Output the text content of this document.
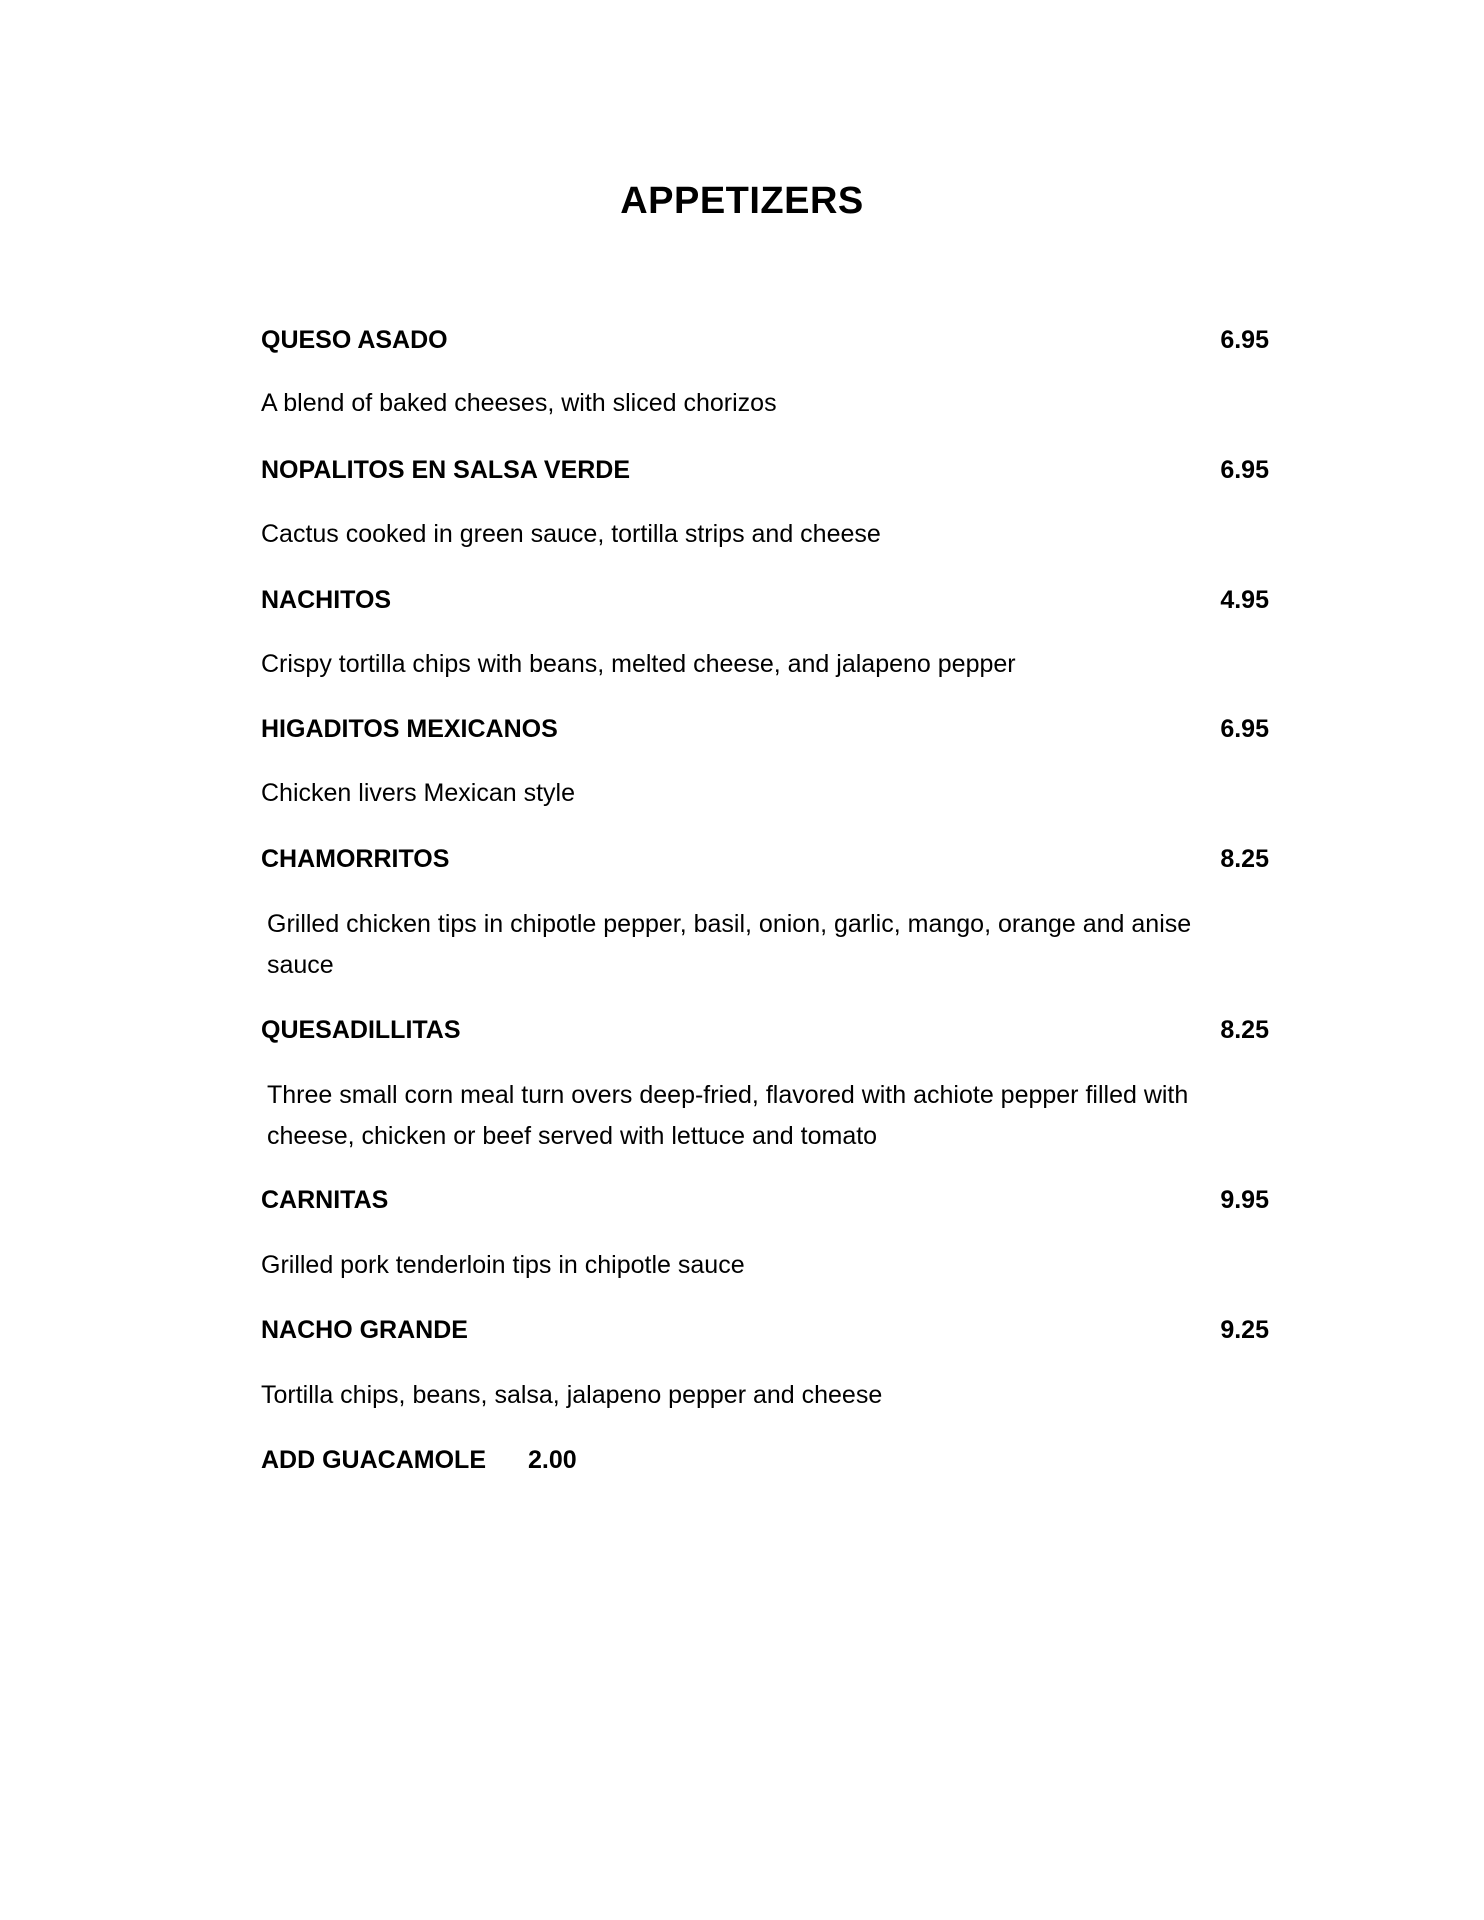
APPETIZERS
QUESO ASADO	6.95
A blend of baked cheeses, with sliced chorizos
NOPALITOS EN SALSA VERDE	6.95
Cactus cooked in green sauce, tortilla strips and cheese
NACHITOS	4.95
Crispy tortilla chips with beans, melted cheese, and jalapeno pepper
HIGADITOS MEXICANOS	6.95
Chicken livers Mexican style
CHAMORRITOS	8.25
Grilled chicken tips in chipotle pepper, basil, onion, garlic, mango, orange and anise sauce
QUESADILLITAS	8.25
Three small corn meal turn overs deep-fried, flavored with achiote pepper filled with cheese, chicken or beef served with lettuce and tomato
CARNITAS	9.95
Grilled pork tenderloin tips in chipotle sauce
NACHO GRANDE	9.25
Tortilla chips, beans, salsa, jalapeno pepper and cheese
ADD GUACAMOLE 2.00
